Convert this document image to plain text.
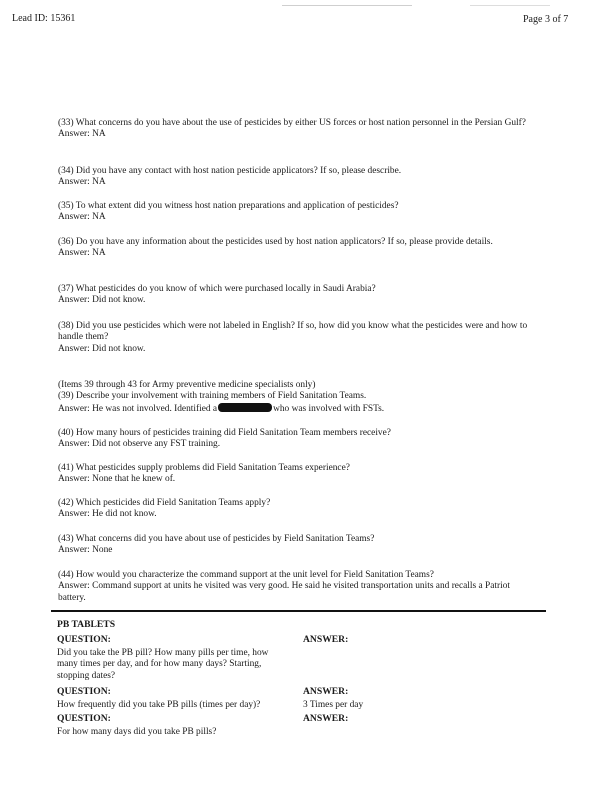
Lead ID: 15361	Page 3 of 7
(33) What concerns do you have about the use of pesticides by either US forces or host nation personnel in the Persian Gulf?
Answer: NA
(34) Did you have any contact with host nation pesticide applicators? If so, please describe.
Answer: NA
(35) To what extent did you witness host nation preparations and application of pesticides?
Answer: NA
(36) Do you have any information about the pesticides used by host nation applicators? If so, please provide details.
Answer: NA
(37) What pesticides do you know of which were purchased locally in Saudi Arabia?
Answer: Did not know.
(38) Did you use pesticides which were not labeled in English? If so, how did you know what the pesticides were and how to handle them?
Answer: Did not know.
(Items 39 through 43 for Army preventive medicine specialists only)
(39) Describe your involvement with training members of Field Sanitation Teams.
Answer: He was not involved. Identified a	who was involved with FSTs.
(40) How many hours of pesticides training did Field Sanitation Team members receive?
Answer: Did not observe any FST training.
(41) What pesticides supply problems did Field Sanitation Teams experience?
Answer: None that he knew of.
(42) Which pesticides did Field Sanitation Teams apply?
Answer: He did not know.
(43) What concerns did you have about use of pesticides by Field Sanitation Teams?
Answer: None
(44) How would you characterize the command support at the unit level for Field Sanitation Teams?
Answer: Command support at units he visited was very good. He said he visited transportation units and recalls a Patriot battery.
PB TABLETS
QUESTION:	ANSWER:
Did you take the PB pill? How many pills per time, how many times per day, and for how many days? Starting, stopping dates?
QUESTION:	ANSWER:
How frequently did you take PB pills (times per day)?	3 Times per day
QUESTION:	ANSWER:
For how many days did you take PB pills?
